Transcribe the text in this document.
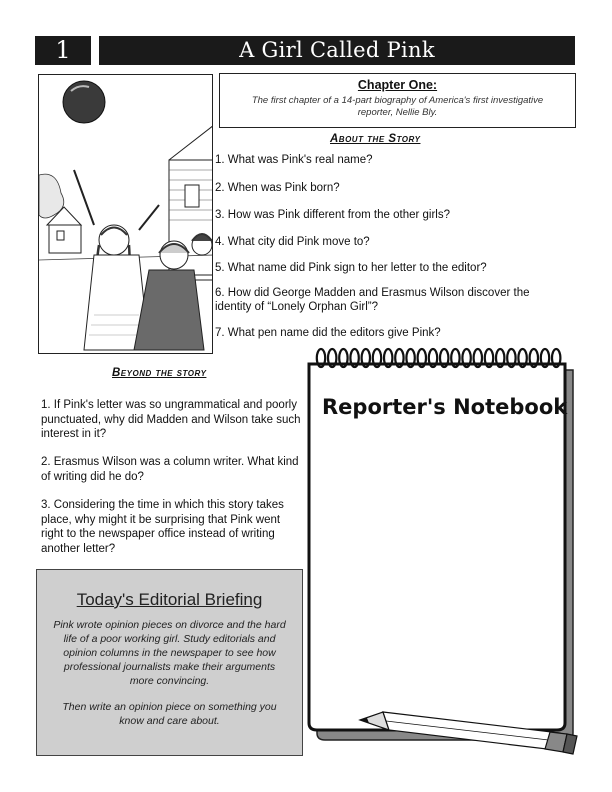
1	A Girl Called Pink
Chapter One:
The first chapter of a 14-part biography of America's first investigative reporter, Nellie Bly.
About the Story
1. What was Pink's real name?
2. When was Pink born?
3. How was Pink different from the other girls?
4. What city did Pink move to?
5. What name did Pink sign to her letter to the editor?
6. How did George Madden and Erasmus Wilson discover the identity of “Lonely Orphan Girl”?
7. What pen name did the editors give Pink?
Beyond the story
1. If Pink's letter was so ungrammatical and poorly punctuated, why did Madden and Wilson take such interest in it?
2. Erasmus Wilson was a column writer. What kind of writing did he do?
3. Considering the time in which this story takes place, why might it be surprising that Pink went right to the newspaper office instead of writing another letter?
Today's Editorial Briefing
Pink wrote opinion pieces on divorce and the hard life of a poor working girl. Study editorials and opinion columns in the newspaper to see how professional journalists make their arguments more convincing.
Then write an opinion piece on something you know and care about.
Reporter's Notebook
